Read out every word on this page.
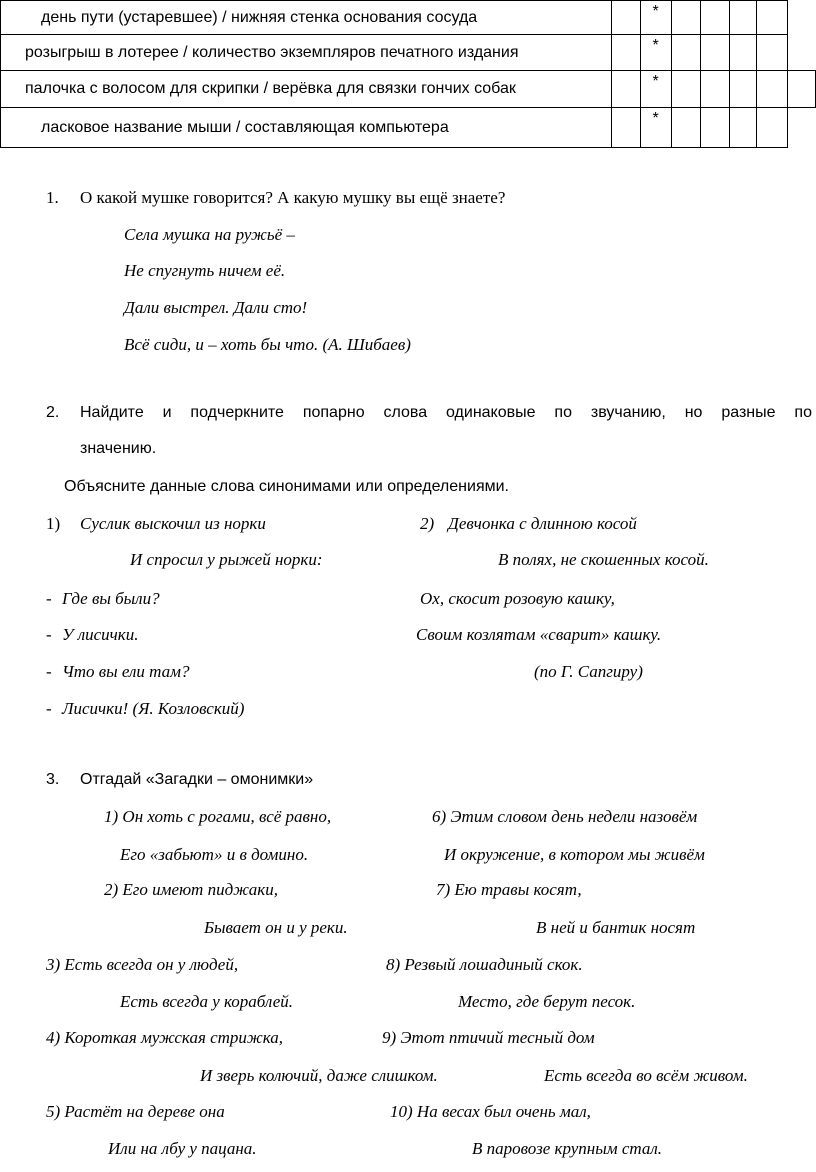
день пути (устаревшее) / нижняя стенка основания сосуда		*					
розыгрыш в лотерее / количество экземпляров печатного издания		*					
палочка с волосом для скрипки / верёвка для связки гончих собак		*					
ласковое название мыши / составляющая компьютера		*					
1. О какой мушке говорится? А какую мушку вы ещё знаете?
Села мушка на ружьё –
Не спугнуть ничем её.
Дали выстрел. Дали сто!
Всё сиди, и – хоть бы что. (А. Шибаев)
2. Найдите и подчеркните попарно слова одинаковые по звучанию, но разные по
значению.
Объясните данные слова синонимами или определениями.
1) Суслик выскочил из норки
И спросил у рыжей норки:
- Где вы были?
- У лисички.
- Что вы ели там?
- Лисички! (Я. Козловский)
2) Девчонка с длинною косой
В полях, не скошенных косой.
Ох, скосит розовую кашку,
Своим козлятам «сварит» кашку.
(по Г. Сапгиру)
3. Отгадай «Загадки – омонимки»
1) Он хоть с рогами, всё равно,	6) Этим словом день недели назовём
Его «забьют» и в домино.	И окружение, в котором мы живём
2) Его имеют пиджаки,	7) Ею травы косят,
Бывает он и у реки.	В ней и бантик носят
3) Есть всегда он у людей,	8) Резвый лошадиный скок.
Есть всегда у кораблей.	Место, где берут песок.
4) Короткая мужская стрижка,	9) Этот птичий тесный дом
И зверь колючий, даже слишком.	Есть всегда во всём живом.
5) Растёт на дереве она	10) На весах был очень мал,
Или на лбу у пацана.	В паровозе крупным стал.
